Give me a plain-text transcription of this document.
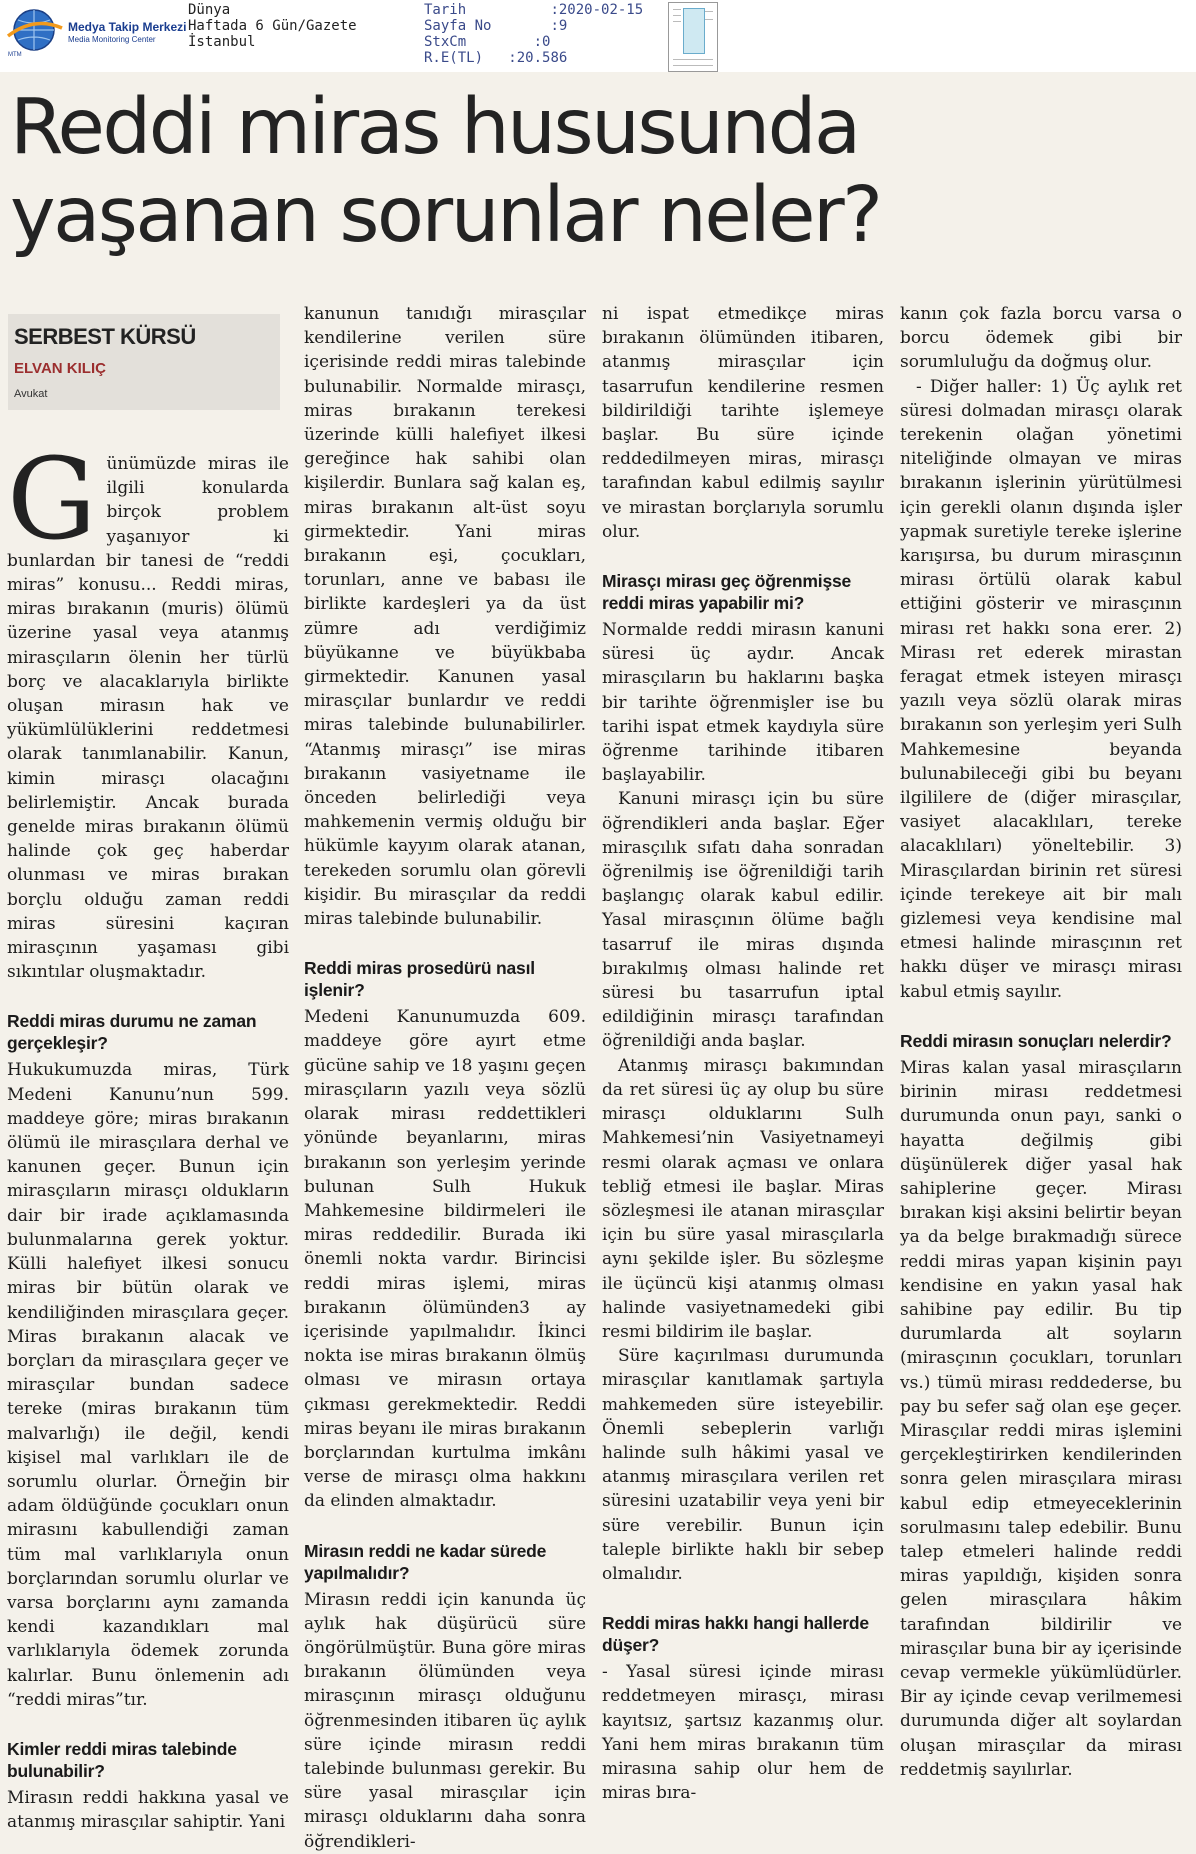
MTM
Medya Takip Merkezi
Media Monitoring Center
Dünya
Haftada 6 Gün/Gazete
İstanbul
Tarih	:2020-02-15
Sayfa No	:9
StxCm	:0
R.E(TL)   :20.586
Reddi miras hususunda yaşanan sorunlar neler?
SERBEST KÜRSÜ
ELVAN KILIÇ
Avukat

Günümüzde miras ile ilgili konularda birçok problem yaşanıyor ki bunlardan bir tanesi de “reddi miras” konusu... Reddi miras, miras bırakanın (muris) ölümü üzerine yasal veya atanmış mirasçıların ölenin her türlü borç ve alacaklarıyla birlikte oluşan mirasın hak ve yükümlülüklerini reddetmesi olarak tanımlanabilir. Kanun, kimin mirasçı olacağını belirlemiştir. Ancak burada genelde miras bırakanın ölümü halinde çok geç haberdar olunması ve miras bırakan borçlu olduğu zaman reddi miras süresini kaçıran mirasçının yaşaması gibi sıkıntılar oluşmaktadır.

Reddi miras durumu ne zaman gerçekleşir?

Hukukumuzda miras, Türk Medeni Kanunu’nun 599. maddeye göre; miras bırakanın ölümü ile mirasçılara derhal ve kanunen geçer. Bunun için mirasçıların mirasçı oldukların dair bir irade açıklamasında bulunmalarına gerek yoktur. Külli halefiyet ilkesi sonucu miras bir bütün olarak ve kendiliğinden mirasçılara geçer. Miras bırakanın alacak ve borçları da mirasçılara geçer ve mirasçılar bundan sadece tereke (miras bırakanın tüm malvarlığı) ile değil, kendi kişisel mal varlıkları ile de sorumlu olurlar. Örneğin bir adam öldüğünde çocukları onun mirasını kabullendiği zaman tüm mal varlıklarıyla onun borçlarından sorumlu olurlar ve varsa borçlarını aynı zamanda kendi kazandıkları mal varlıklarıyla ödemek zorunda kalırlar. Bunu önlemenin adı “reddi miras”tır.

Kimler reddi miras talebinde bulunabilir?

Mirasın reddi hakkına yasal ve atanmış mirasçılar sahiptir. Yani

kanunun tanıdığı mirasçılar kendilerine verilen süre içerisinde reddi miras talebinde bulunabilir. Normalde mirasçı, miras bırakanın terekesi üzerinde külli halefiyet ilkesi gereğince hak sahibi olan kişilerdir. Bunlara sağ kalan eş, miras bırakanın alt-üst soyu girmektedir. Yani miras bırakanın eşi, çocukları, torunları, anne ve babası ile birlikte kardeşleri ya da üst zümre adı verdiğimiz büyükanne ve büyükbaba girmektedir. Kanunen yasal mirasçılar bunlardır ve reddi miras talebinde bulunabilirler. “Atanmış mirasçı” ise miras bırakanın vasiyetname ile önceden belirlediği veya mahkemenin vermiş olduğu bir hükümle kayyım olarak atanan, terekeden sorumlu olan görevli kişidir. Bu mirasçılar da reddi miras talebinde bulunabilir.

Reddi miras prosedürü nasıl işlenir?

Medeni Kanunumuzda 609. maddeye göre ayırt etme gücüne sahip ve 18 yaşını geçen mirasçıların yazılı veya sözlü olarak mirası reddettikleri yönünde beyanlarını, miras bırakanın son yerleşim yerinde bulunan Sulh Hukuk Mahkemesine bildirmeleri ile miras reddedilir. Burada iki önemli nokta vardır. Birincisi reddi miras işlemi, miras bırakanın ölümünden3 ay içerisinde yapılmalıdır. İkinci nokta ise miras bırakanın ölmüş olması ve mirasın ortaya çıkması gerekmektedir. Reddi miras beyanı ile miras bırakanın borçlarından kurtulma imkânı verse de mirasçı olma hakkını da elinden almaktadır.

Mirasın reddi ne kadar sürede yapılmalıdır?

Mirasın reddi için kanunda üç aylık hak düşürücü süre öngörülmüştür. Buna göre miras bırakanın ölümünden veya mirasçının mirasçı olduğunu öğrenmesinden itibaren üç aylık süre içinde mirasın reddi talebinde bulunması gerekir. Bu süre yasal mirasçılar için mirasçı olduklarını daha sonra öğrendikleri-

ni ispat etmedikçe miras bırakanın ölümünden itibaren, atanmış mirasçılar için tasarrufun kendilerine resmen bildirildiği tarihte işlemeye başlar. Bu süre içinde reddedilmeyen miras, mirasçı tarafından kabul edilmiş sayılır ve mirastan borçlarıyla sorumlu olur.

Mirasçı mirası geç öğrenmişse reddi miras yapabilir mi?

Normalde reddi mirasın kanuni süresi üç aydır. Ancak mirasçıların bu haklarını başka bir tarihte öğrenmişler ise bu tarihi ispat etmek kaydıyla süre öğrenme tarihinde itibaren başlayabilir.

Kanuni mirasçı için bu süre öğrendikleri anda başlar. Eğer mirasçılık sıfatı daha sonradan öğrenilmiş ise öğrenildiği tarih başlangıç olarak kabul edilir. Yasal mirasçının ölüme bağlı tasarruf ile miras dışında bırakılmış olması halinde ret süresi bu tasarrufun iptal edildiğinin mirasçı tarafından öğrenildiği anda başlar.

Atanmış mirasçı bakımından da ret süresi üç ay olup bu süre mirasçı olduklarını Sulh Mahkemesi’nin Vasiyetnameyi resmi olarak açması ve onlara tebliğ etmesi ile başlar. Miras sözleşmesi ile atanan mirasçılar için bu süre yasal mirasçılarla aynı şekilde işler. Bu sözleşme ile üçüncü kişi atanmış olması halinde vasiyetnamedeki gibi resmi bildirim ile başlar.

Süre kaçırılması durumunda mirasçılar kanıtlamak şartıyla mahkemeden süre isteyebilir. Önemli sebeplerin varlığı halinde sulh hâkimi yasal ve atanmış mirasçılara verilen ret süresini uzatabilir veya yeni bir süre verebilir. Bunun için taleple birlikte haklı bir sebep olmalıdır.

Reddi miras hakkı hangi hallerde düşer?

- Yasal süresi içinde mirası reddetmeyen mirasçı, mirası kayıtsız, şartsız kazanmış olur. Yani hem miras bırakanın tüm mirasına sahip olur hem de miras bıra-

kanın çok fazla borcu varsa o borcu ödemek gibi bir sorumluluğu da doğmuş olur.

- Diğer haller: 1) Üç aylık ret süresi dolmadan mirasçı olarak terekenin olağan yönetimi niteliğinde olmayan ve miras bırakanın işlerinin yürütülmesi için gerekli olanın dışında işler yapmak suretiyle tereke işlerine karışırsa, bu durum mirasçının mirası örtülü olarak kabul ettiğini gösterir ve mirasçının mirası ret hakkı sona erer. 2) Mirası ret ederek mirastan feragat etmek isteyen mirasçı yazılı veya sözlü olarak miras bırakanın son yerleşim yeri Sulh Mahkemesine beyanda bulunabileceği gibi bu beyanı ilgililere de (diğer mirasçılar, vasiyet alacaklıları, tereke alacaklıları) yöneltebilir. 3) Mirasçılardan birinin ret süresi içinde terekeye ait bir malı gizlemesi veya kendisine mal etmesi halinde mirasçının ret hakkı düşer ve mirasçı mirası kabul etmiş sayılır.

Reddi mirasın sonuçları nelerdir?

Miras kalan yasal mirasçıların birinin mirası reddetmesi durumunda onun payı, sanki o hayatta değilmiş gibi düşünülerek diğer yasal hak sahiplerine geçer. Mirası bırakan kişi aksini belirtir beyan ya da belge bırakmadığı sürece reddi miras yapan kişinin payı kendisine en yakın yasal hak sahibine pay edilir. Bu tip durumlarda alt soyların (mirasçının çocukları, torunları vs.) tümü mirası reddederse, bu pay bu sefer sağ olan eşe geçer. Mirasçılar reddi miras işlemini gerçekleştirirken kendilerinden sonra gelen mirasçılara mirası kabul edip etmeyeceklerinin sorulmasını talep edebilir. Bunu talep etmeleri halinde reddi miras yapıldığı, kişiden sonra gelen mirasçılara hâkim tarafından bildirilir ve mirasçılar buna bir ay içerisinde cevap vermekle yükümlüdürler. Bir ay içinde cevap verilmemesi durumunda diğer alt soylardan oluşan mirasçılar da mirası reddetmiş sayılırlar.
